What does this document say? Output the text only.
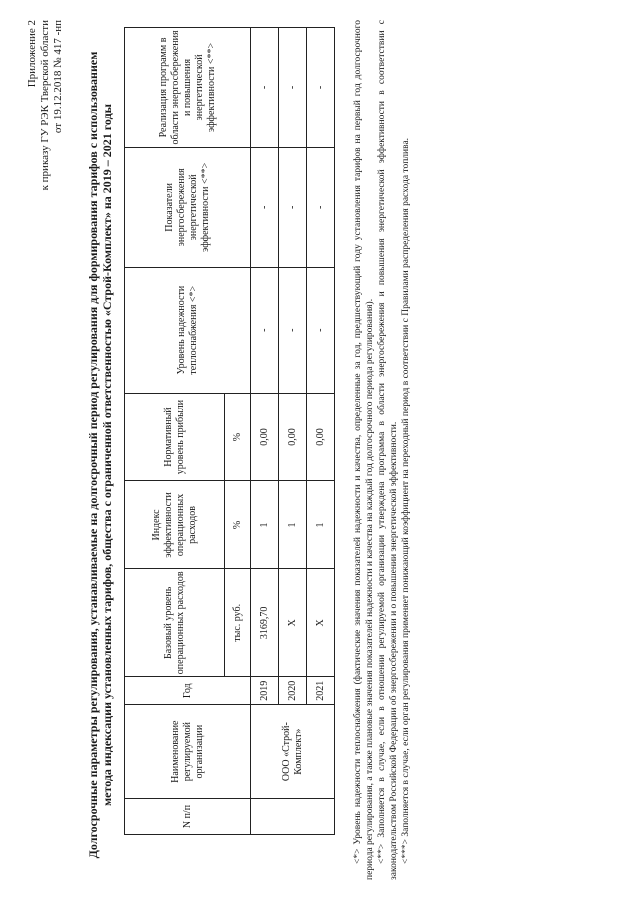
Приложение 2 к приказу ГУ РЭК Тверской области от 19.12.2018 № 417 -нп Долгосрочные параметры регулирования, устанавливаемые на долгосрочный период регулирования для формирования тарифов с использованием метода индексации установленных тарифов, общества с ограниченной ответственностью «Строй-Комплект» на 2019 – 2021 годы
N п/п	Наименование регулируемой организации	Год	Базовый уровень операционных расходов	Индекс эффективности операционных расходов	Нормативный уровень прибыли	Уровень надежности теплоснабжения <*>	Показатели энергосбережения энергетической эффективности <**>	Реализация программ в области энергосбережения и повышения энергетической эффективности <**>
			тыс. руб.	%	%			
	ООО «Строй-Комплект»	2019	3169,70	1	0,00	-	-	-
		2020	Х	1	0,00	-	-	-
		2021	Х	1	0,00	-	-	-	<*> Уровень надежности теплоснабжения (фактические значения показателей надежности и качества, определенные за год, предшествующий году установления тарифов на первый год долгосрочного периода регулирования, а также плановые значения показателей надежности и качества на каждый год долгосрочного периода регулирования). <**> Заполняется в случае, если в отношении регулируемой организации утверждена программа в области энергосбережения и повышения энергетической эффективности в соответствии с законодательством Российской Федерации об энергосбережении и о повышении энергетической эффективности. <***> Заполняется в случае, если орган регулирования применяет понижающий коэффициент на переходный период в соответствии с Правилами распределения расхода топлива.
